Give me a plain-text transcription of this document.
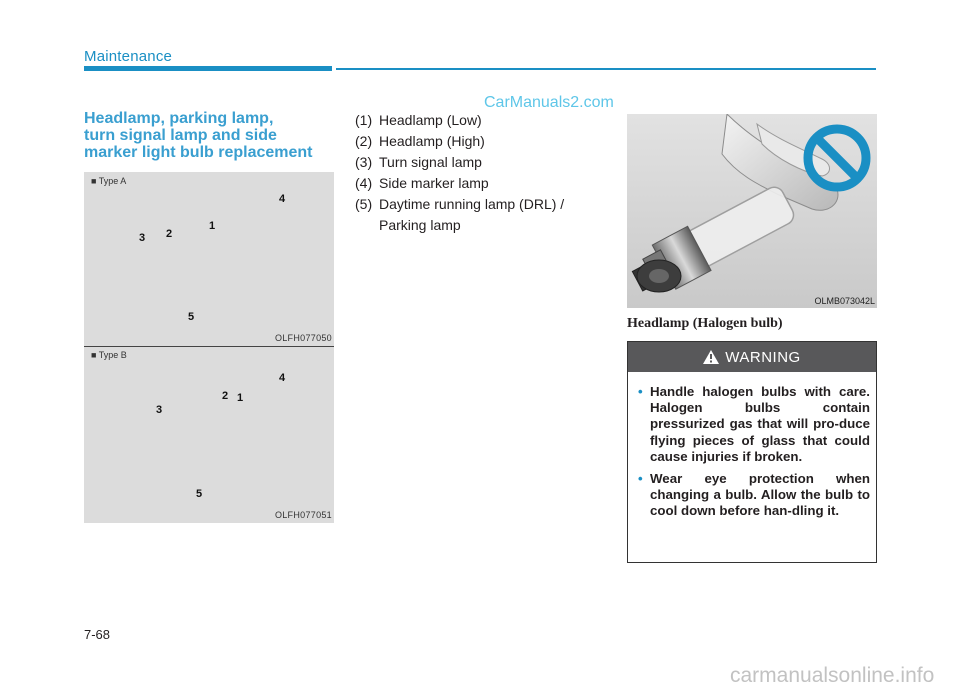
Maintenance
CarManuals2.com
Headlamp, parking lamp,
turn signal lamp and side
marker light bulb replacement
■ Type A
4
1
2
3
5
OLFH077050
■ Type B
4
2 1
3
5
OLFH077051
(1) Headlamp (Low)
(2) Headlamp (High)
(3) Turn signal lamp
(4) Side marker lamp
(5) Daytime running lamp (DRL) /
Parking lamp
OLMB073042L
Headlamp (Halogen bulb)
WARNING
• Handle halogen bulbs with care. Halogen bulbs contain pressurized gas that will pro-duce flying pieces of glass that could cause injuries if broken.
• Wear eye protection when changing a bulb. Allow the bulb to cool down before han-dling it.
7-68
carmanualsonline.info
